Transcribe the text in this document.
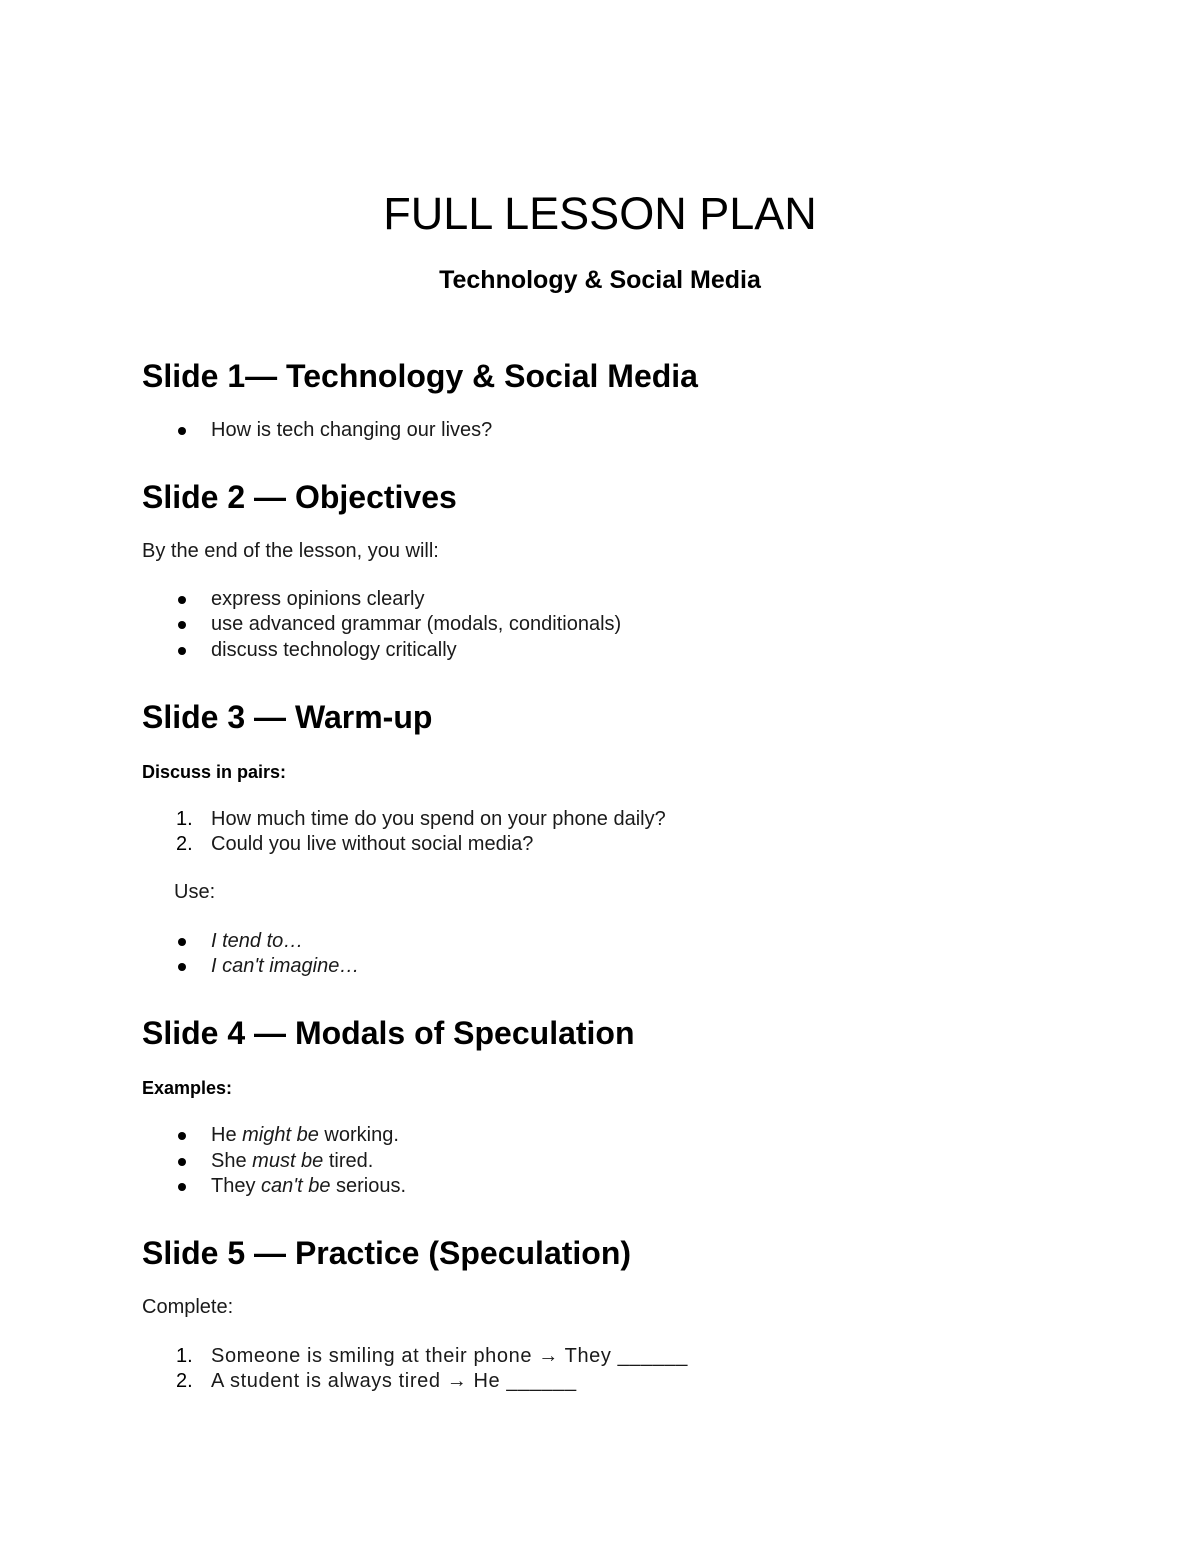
FULL LESSON PLAN
Technology & Social Media
Slide 1— Technology & Social Media
How is tech changing our lives?
Slide 2 — Objectives
By the end of the lesson, you will:
express opinions clearly
use advanced grammar (modals, conditionals)
discuss technology critically
Slide 3 — Warm-up
Discuss in pairs:
1. How much time do you spend on your phone daily?
2. Could you live without social media?
Use:
I tend to…
I can't imagine…
Slide 4 — Modals of Speculation
Examples:
He might be working.
She must be tired.
They can't be serious.
Slide 5 — Practice (Speculation)
Complete:
1. Someone is smiling at their phone → They ______
2. A student is always tired → He ______
